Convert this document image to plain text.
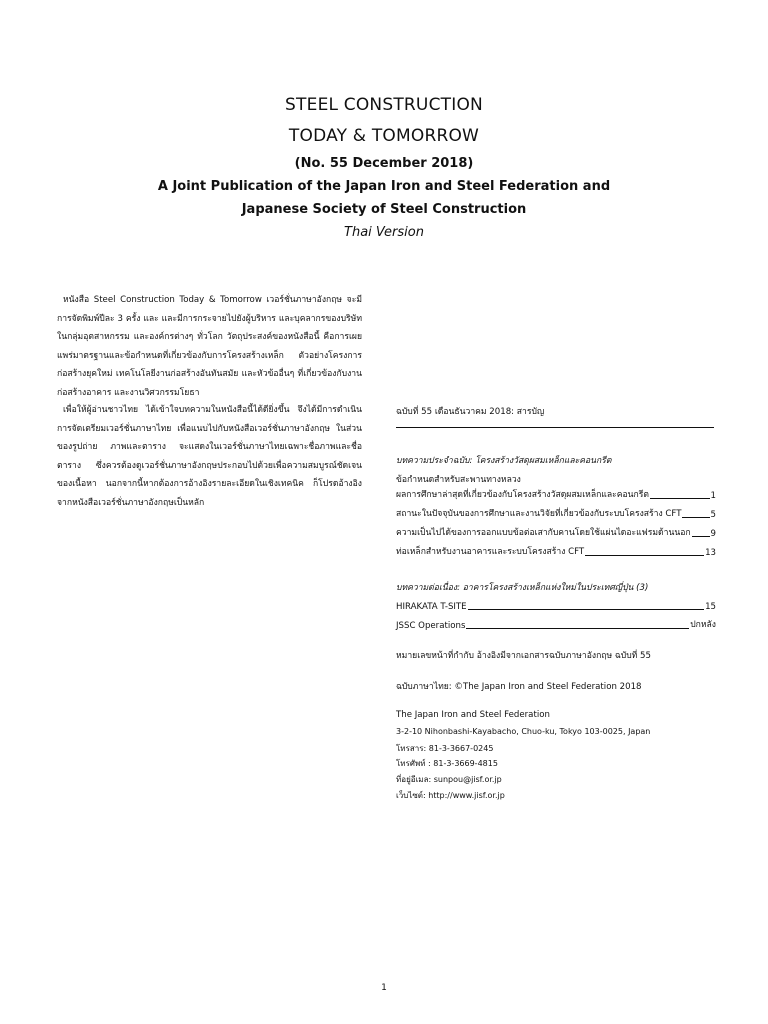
STEEL CONSTRUCTION
TODAY & TOMORROW
(No. 55 December 2018)
A Joint Publication of the Japan Iron and Steel Federation and
Japanese Society of Steel Construction
Thai Version

หนังสือ Steel Construction Today & Tomorrow เวอร์ชั่นภาษาอังกฤษ จะมีการจัดพิมพ์ปีละ 3 ครั้ง และ และมีการกระจายไปยังผู้บริหาร และบุคลากรของบริษัทในกลุ่มอุตสาหกรรม และองค์กรต่างๆ ทั่วโลก วัตถุประสงค์ของหนังสือนี้ คือการเผยแพร่มาตรฐานและข้อกำหนดที่เกี่ยวข้องกับการโครงสร้างเหล็ก ตัวอย่างโครงการก่อสร้างยุคใหม่ เทคโนโลยีงานก่อสร้างอันทันสมัย และหัวข้ออื่นๆ ที่เกี่ยวข้องกับงานก่อสร้างอาคาร และงานวิศวกรรมโยธา

เพื่อให้ผู้อ่านชาวไทย ได้เข้าใจบทความในหนังสือนี้ได้ดียิ่งขึ้น จึงได้มีการดำเนินการจัดเตรียมเวอร์ชั่นภาษาไทย เพื่อแนบไปกับหนังสือเวอร์ชั่นภาษาอังกฤษ ในส่วนของรูปถ่าย ภาพและตาราง จะแสดงในเวอร์ชั่นภาษาไทยเฉพาะชื่อภาพและชื่อตาราง ซึ่งควรต้องดูเวอร์ชั่นภาษาอังกฤษประกอบไปด้วยเพื่อความสมบูรณ์ชัดเจนของเนื้อหา นอกจากนี้หากต้องการอ้างอิงรายละเอียดในเชิงเทคนิค ก็โปรดอ้างอิงจากหนังสือเวอร์ชั่นภาษาอังกฤษเป็นหลัก

ฉบับที่ 55 เดือนธันวาคม 2018: สารบัญ
บทความประจำฉบับ: โครงสร้างวัสดุผสมเหล็กและคอนกรีต
ข้อกำหนดสำหรับสะพานทางหลวง
ผลการศึกษาล่าสุดที่เกี่ยวข้องกับโครงสร้างวัสดุผสมเหล็กและคอนกรีต	1
สถานะในปัจจุบันของการศึกษาและงานวิจัยที่เกี่ยวข้องกับระบบโครงสร้าง CFT	5
ความเป็นไปได้ของการออกแบบข้อต่อเสากับคานโดยใช้แผ่นไดอะแฟรมด้านนอก 9
ท่อเหล็กสำหรับงานอาคารและระบบโครงสร้าง CFT	13
บทความต่อเนื่อง: อาคารโครงสร้างเหล็กแห่งใหม่ในประเทศญี่ปุ่น (3)
HIRAKATA T-SITE	15
JSSC Operations	ปกหลัง
หมายเลขหน้าที่กำกับ อ้างอิงมีจากเอกสารฉบับภาษาอังกฤษ ฉบับที่ 55
ฉบับภาษาไทย: ©The Japan Iron and Steel Federation 2018
The Japan Iron and Steel Federation
3-2-10 Nihonbashi-Kayabacho, Chuo-ku, Tokyo 103-0025, Japan
โทรสาร: 81-3-3667-0245
โทรศัพท์ : 81-3-3669-4815
ที่อยู่อีเมล: sunpou@jisf.or.jp
เว็บไซต์: http://www.jisf.or.jp
1
